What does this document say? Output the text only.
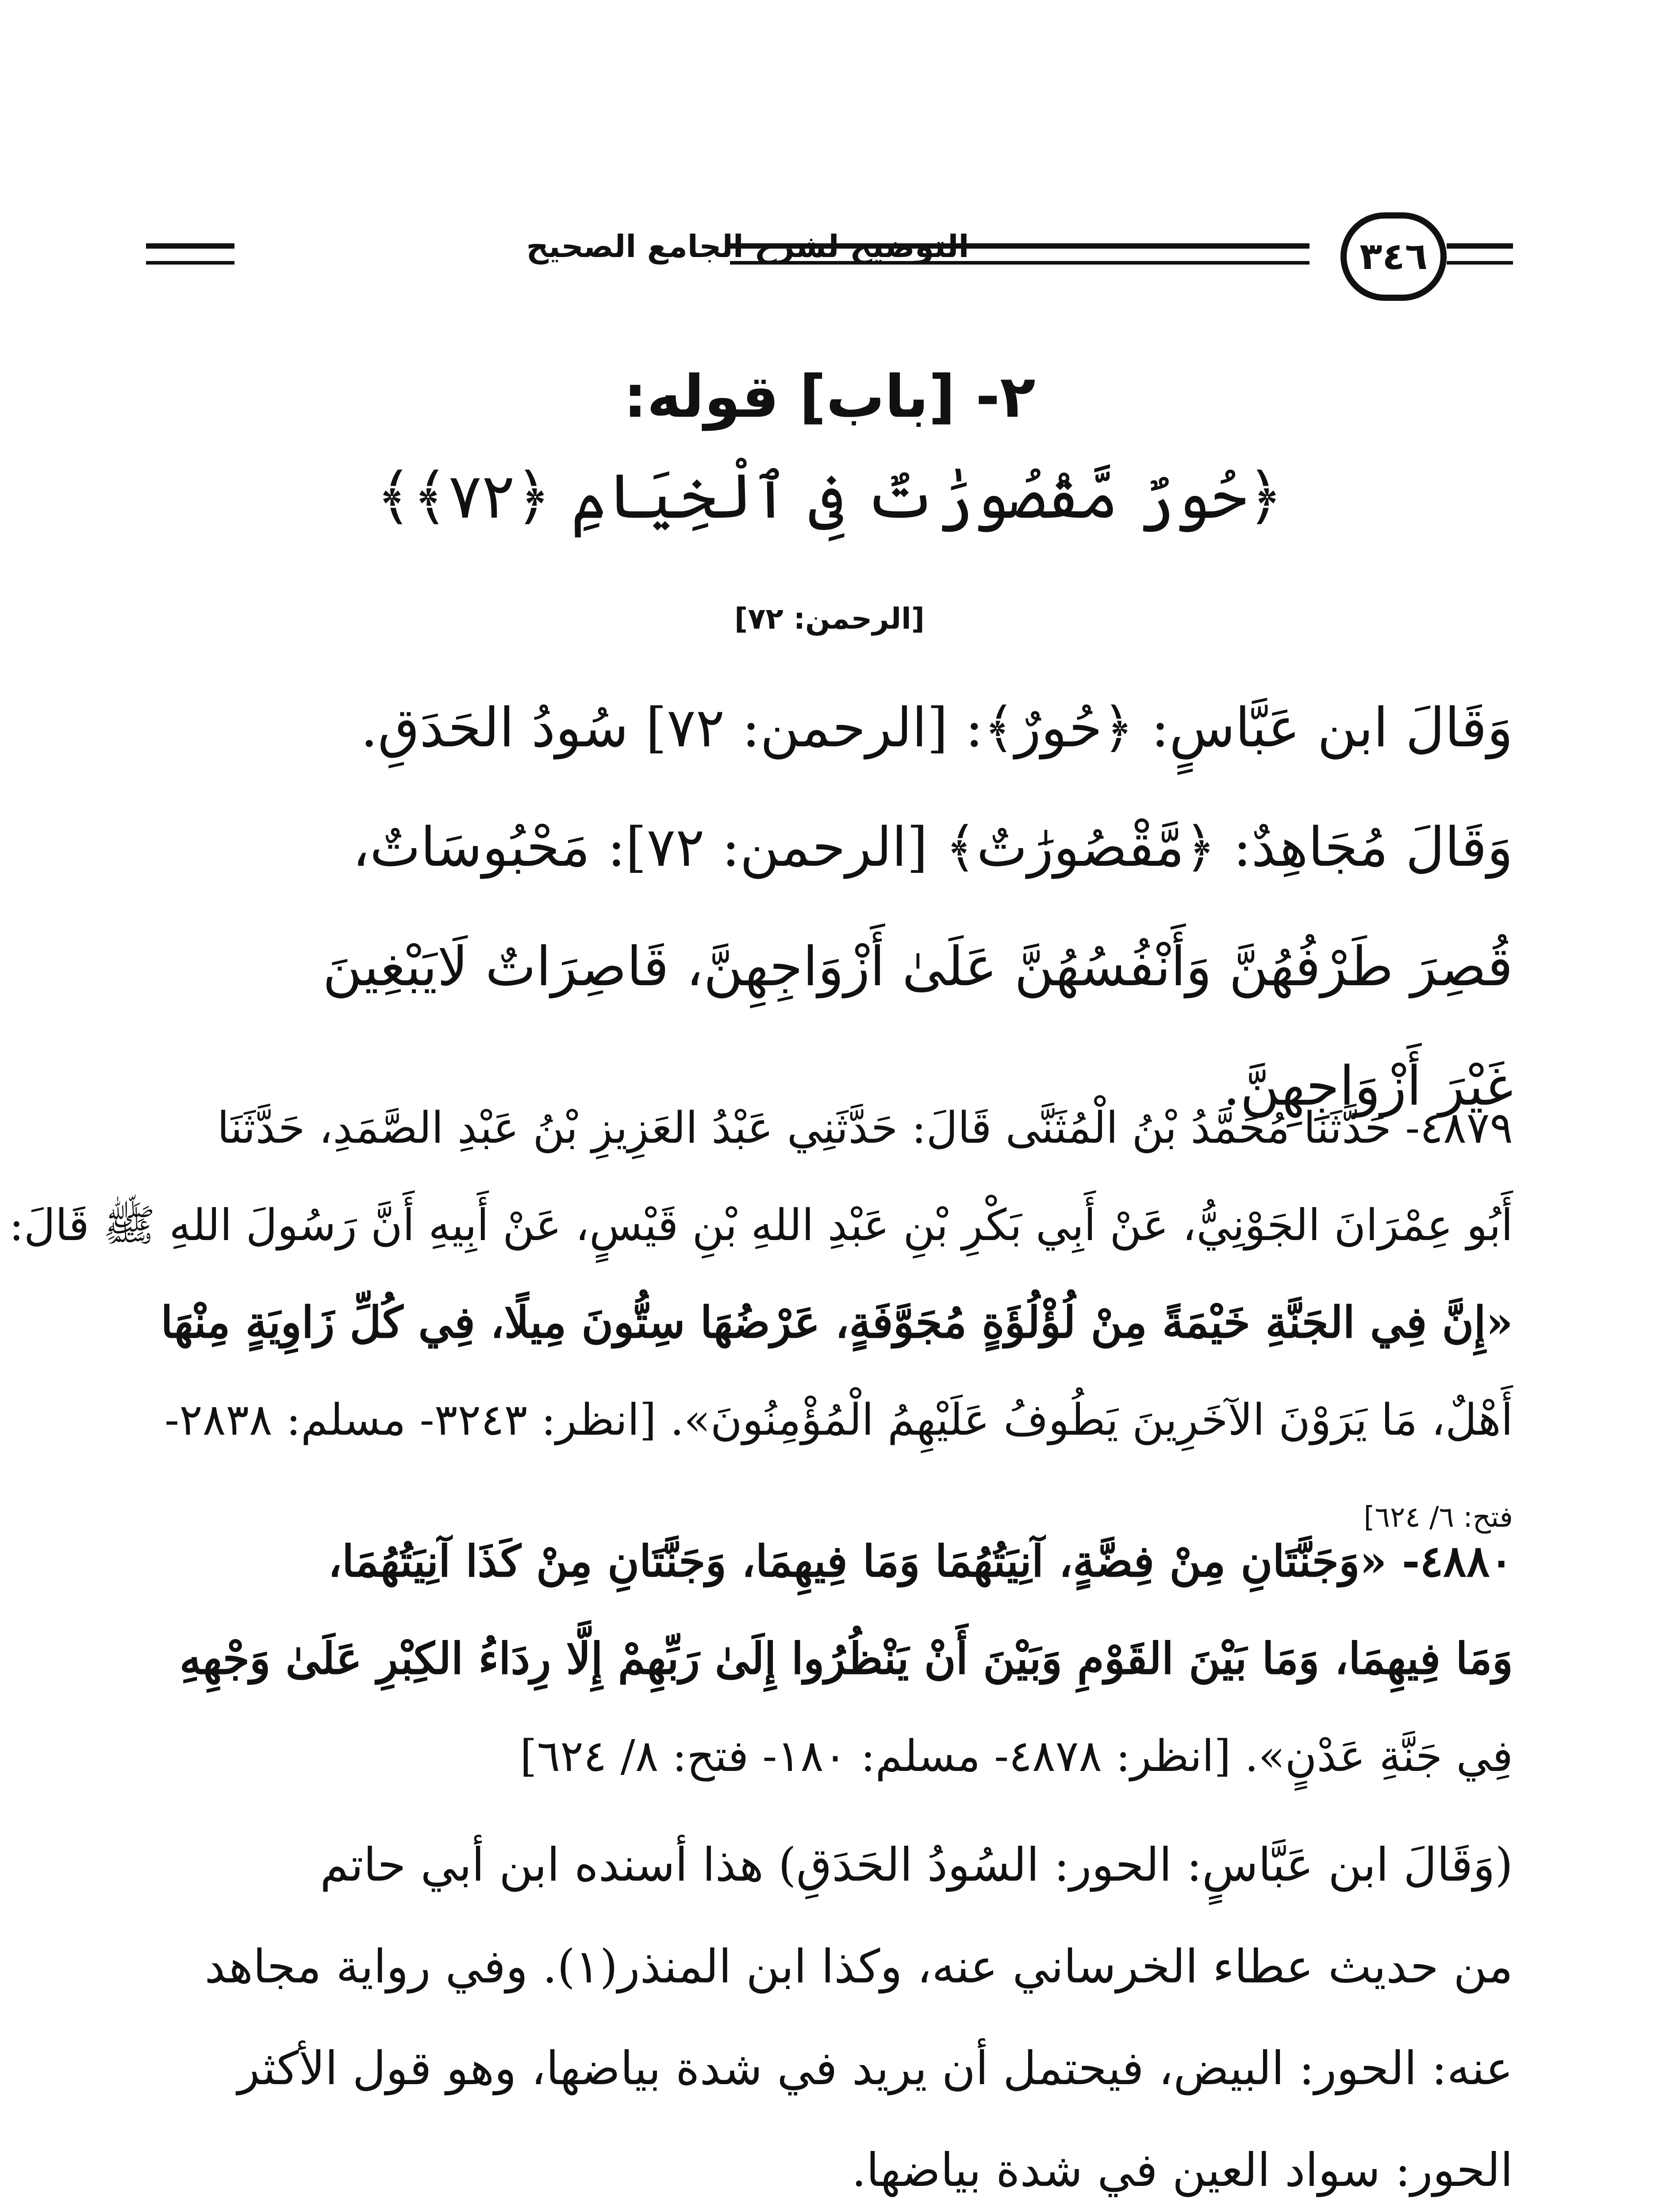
التوضيح لشرح الجامع الصحيح	٣٤٦
٢- [باب] قوله:
﴿حُورٌ مَّقْصُورَٰتٌ فِى ٱلْخِيَامِ ﴿٧٢﴾﴾
[الرحمن: ٧٢]
وَقَالَ ابن عَبَّاسٍ: ﴿حُورٌ﴾: [الرحمن: ٧٢] سُودُ الحَدَقِ.
وَقَالَ مُجَاهِدٌ: ﴿مَّقْصُورَٰتٌ﴾ [الرحمن: ٧٢]: مَحْبُوسَاتٌ،
قُصِرَ طَرْفُهُنَّ وَأَنْفُسُهُنَّ عَلَىٰ أَزْوَاجِهِنَّ، قَاصِرَاتٌ لَايَبْغِينَ
غَيْرَ أَزْوَاجِهِنَّ.
٤٨٧٩- حَدَّثَنَا مُحَمَّدُ بْنُ الْمُثَنَّى قَالَ: حَدَّثَنِي عَبْدُ العَزِيزِ بْنُ عَبْدِ الصَّمَدِ، حَدَّثَنَا
أَبُو عِمْرَانَ الجَوْنِيُّ، عَنْ أَبِي بَكْرِ بْنِ عَبْدِ اللهِ بْنِ قَيْسٍ، عَنْ أَبِيهِ أَنَّ رَسُولَ اللهِ ﷺ قَالَ:
«إِنَّ فِي الجَنَّةِ خَيْمَةً مِنْ لُؤْلُؤَةٍ مُجَوَّفَةٍ، عَرْضُهَا سِتُّونَ مِيلًا، فِي كُلِّ زَاوِيَةٍ مِنْهَا
أَهْلٌ، مَا يَرَوْنَ الآخَرِينَ يَطُوفُ عَلَيْهِمُ الْمُؤْمِنُونَ». [انظر: ٣٢٤٣- مسلم: ٢٨٣٨-
فتح: ٦/ ٦٢٤]
٤٨٨٠- «وَجَنَّتَانِ مِنْ فِضَّةٍ، آنِيَتُهُمَا وَمَا فِيهِمَا، وَجَنَّتَانِ مِنْ كَذَا آنِيَتُهُمَا،
وَمَا فِيهِمَا، وَمَا بَيْنَ القَوْمِ وَبَيْنَ أَنْ يَنْظُرُوا إِلَىٰ رَبِّهِمْ إِلَّا رِدَاءُ الكِبْرِ عَلَىٰ وَجْهِهِ
فِي جَنَّةِ عَدْنٍ». [انظر: ٤٨٧٨- مسلم: ١٨٠- فتح: ٨/ ٦٢٤]
(وَقَالَ ابن عَبَّاسٍ: الحور: السُودُ الحَدَقِ) هذا أسنده ابن أبي حاتم
من حديث عطاء الخرساني عنه، وكذا ابن المنذر(١). وفي رواية مجاهد
عنه: الحور: البيض، فيحتمل أن يريد في شدة بياضها، وهو قول الأكثر
الحور: سواد العين في شدة بياضها.
